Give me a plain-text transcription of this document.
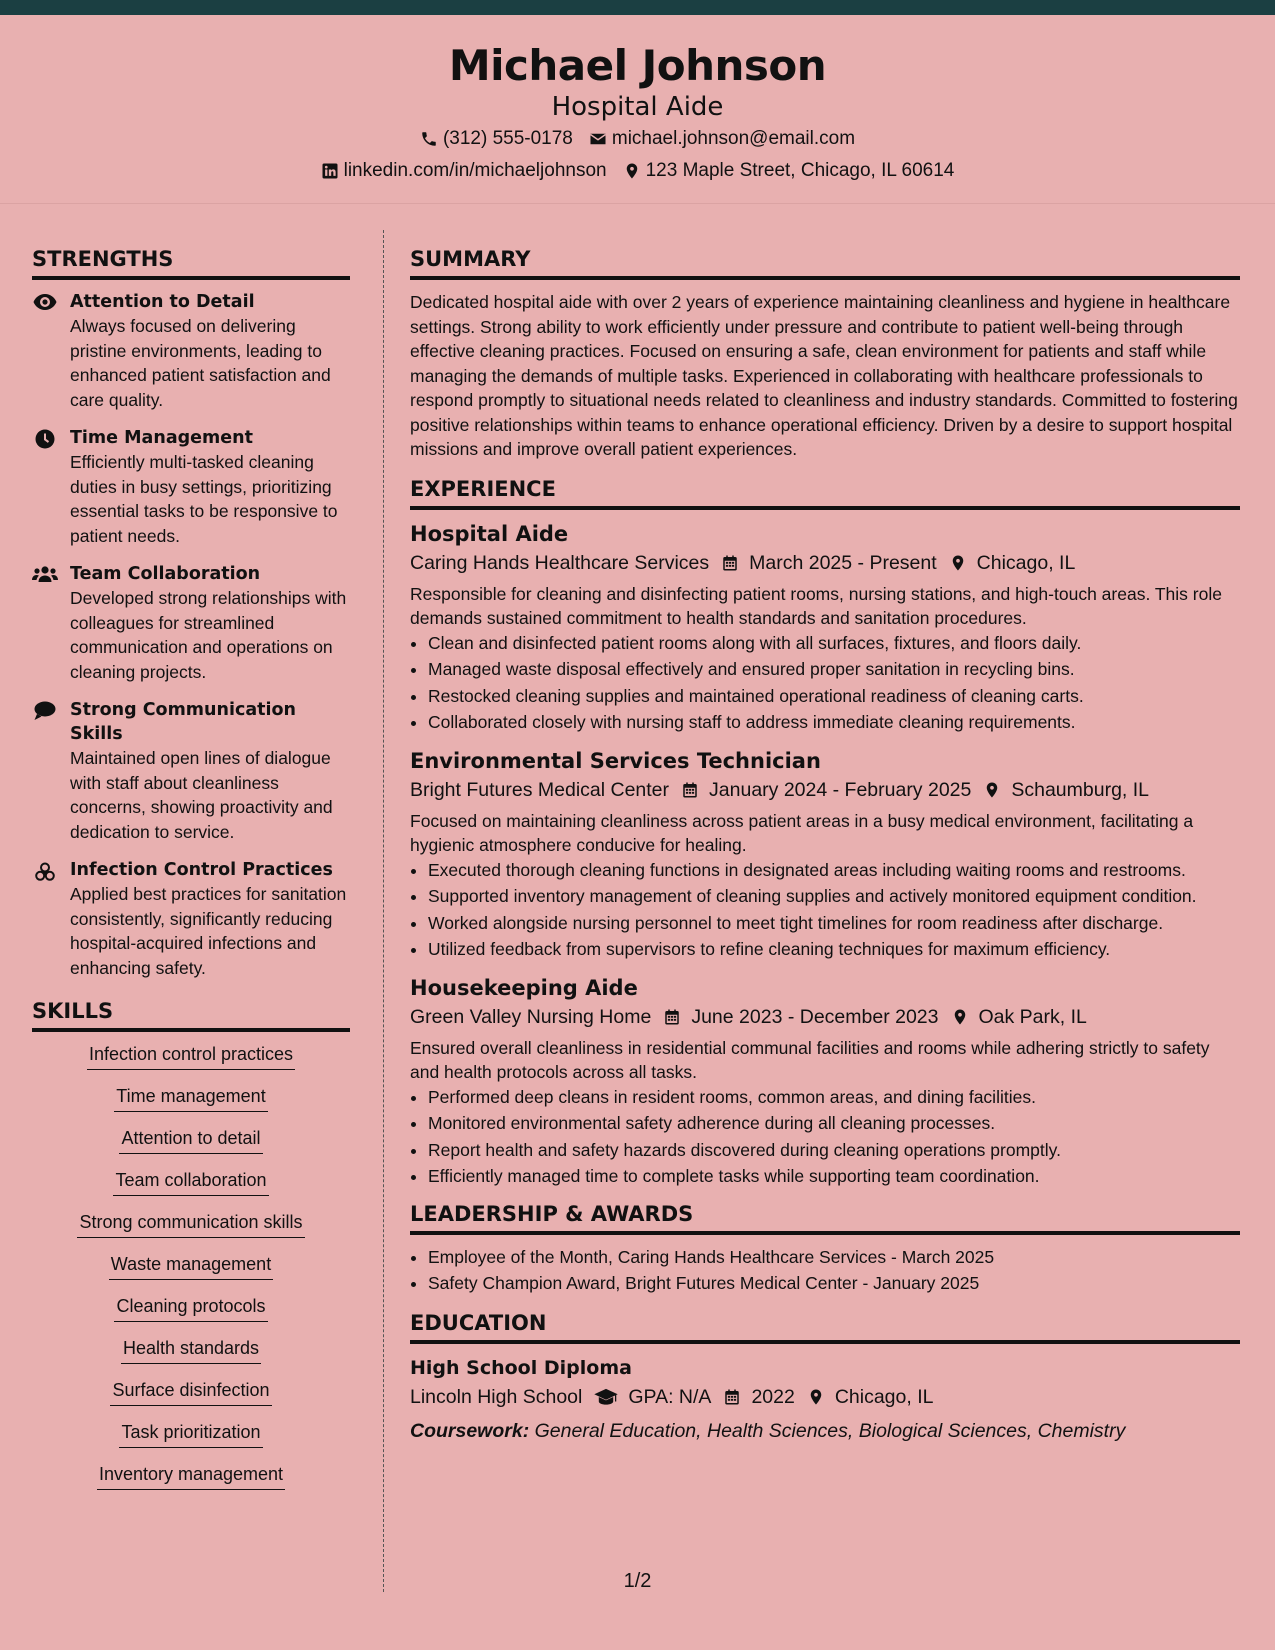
Michael Johnson
Hospital Aide
(312) 555-0178 michael.johnson@email.com
linkedin.com/in/michaeljohnson 123 Maple Street, Chicago, IL 60614
STRENGTHS
Attention to Detail
Always focused on delivering pristine environments, leading to enhanced patient satisfaction and care quality.
Time Management
Efficiently multi-tasked cleaning duties in busy settings, prioritizing essential tasks to be responsive to patient needs.
Team Collaboration
Developed strong relationships with colleagues for streamlined communication and operations on cleaning projects.
Strong Communication Skills
Maintained open lines of dialogue with staff about cleanliness concerns, showing proactivity and dedication to service.
Infection Control Practices
Applied best practices for sanitation consistently, significantly reducing hospital-acquired infections and enhancing safety.
SKILLS
Infection control practices
Time management
Attention to detail
Team collaboration
Strong communication skills
Waste management
Cleaning protocols
Health standards
Surface disinfection
Task prioritization
Inventory management
SUMMARY
Dedicated hospital aide with over 2 years of experience maintaining cleanliness and hygiene in healthcare settings. Strong ability to work efficiently under pressure and contribute to patient well-being through effective cleaning practices. Focused on ensuring a safe, clean environment for patients and staff while managing the demands of multiple tasks. Experienced in collaborating with healthcare professionals to respond promptly to situational needs related to cleanliness and industry standards. Committed to fostering positive relationships within teams to enhance operational efficiency. Driven by a desire to support hospital missions and improve overall patient experiences.
EXPERIENCE
Hospital Aide
Caring Hands Healthcare Services March 2025 - Present Chicago, IL
Responsible for cleaning and disinfecting patient rooms, nursing stations, and high-touch areas. This role demands sustained commitment to health standards and sanitation procedures.
• Clean and disinfected patient rooms along with all surfaces, fixtures, and floors daily.
• Managed waste disposal effectively and ensured proper sanitation in recycling bins.
• Restocked cleaning supplies and maintained operational readiness of cleaning carts.
• Collaborated closely with nursing staff to address immediate cleaning requirements.
Environmental Services Technician
Bright Futures Medical Center January 2024 - February 2025 Schaumburg, IL
Focused on maintaining cleanliness across patient areas in a busy medical environment, facilitating a hygienic atmosphere conducive for healing.
• Executed thorough cleaning functions in designated areas including waiting rooms and restrooms.
• Supported inventory management of cleaning supplies and actively monitored equipment condition.
• Worked alongside nursing personnel to meet tight timelines for room readiness after discharge.
• Utilized feedback from supervisors to refine cleaning techniques for maximum efficiency.
Housekeeping Aide
Green Valley Nursing Home June 2023 - December 2023 Oak Park, IL
Ensured overall cleanliness in residential communal facilities and rooms while adhering strictly to safety and health protocols across all tasks.
• Performed deep cleans in resident rooms, common areas, and dining facilities.
• Monitored environmental safety adherence during all cleaning processes.
• Report health and safety hazards discovered during cleaning operations promptly.
• Efficiently managed time to complete tasks while supporting team coordination.
LEADERSHIP & AWARDS
• Employee of the Month, Caring Hands Healthcare Services - March 2025
• Safety Champion Award, Bright Futures Medical Center - January 2025
EDUCATION
High School Diploma
Lincoln High School GPA: N/A 2022 Chicago, IL
Coursework: General Education, Health Sciences, Biological Sciences, Chemistry
1/2
